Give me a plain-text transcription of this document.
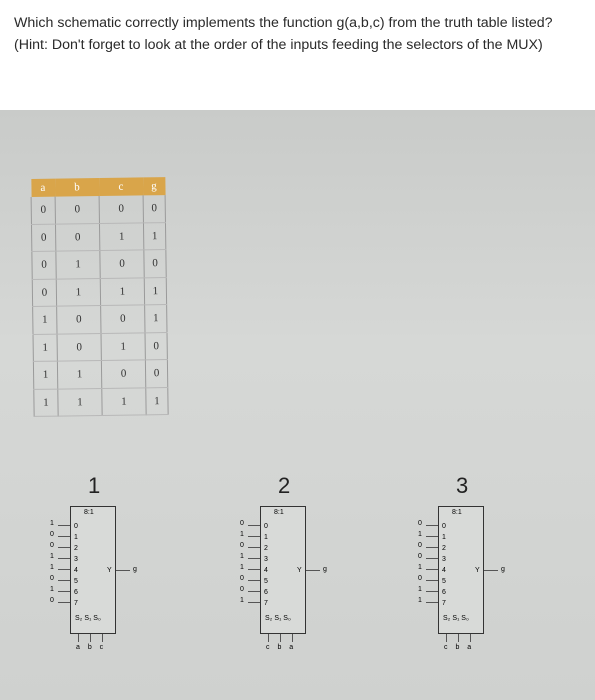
Which schematic correctly implements the function g(a,b,c) from the truth table listed? (Hint: Don't forget to look at the order of the inputs feeding the selectors of the MUX)
a	b	c	g
0	0	0	0
0	0	1	1
0	1	0	0
0	1	1	1
1	0	0	1
1	0	1	0
1	1	0	0
1	1	1	1
1
8:1
0
1
2
3
4
5
6
7
S₂ S₁ S₀
Y
1
0
0
1
1
0
1
0
g
a b c
2
8:1
0
1
2
3
4
5
6
7
S₂ S₁ S₀
Y
0
1
0
1
1
0
0
1
g
c b a
3
8:1
0
1
2
3
4
5
6
7
S₂ S₁ S₀
Y
0
1
0
0
1
0
1
1
g
c b a
